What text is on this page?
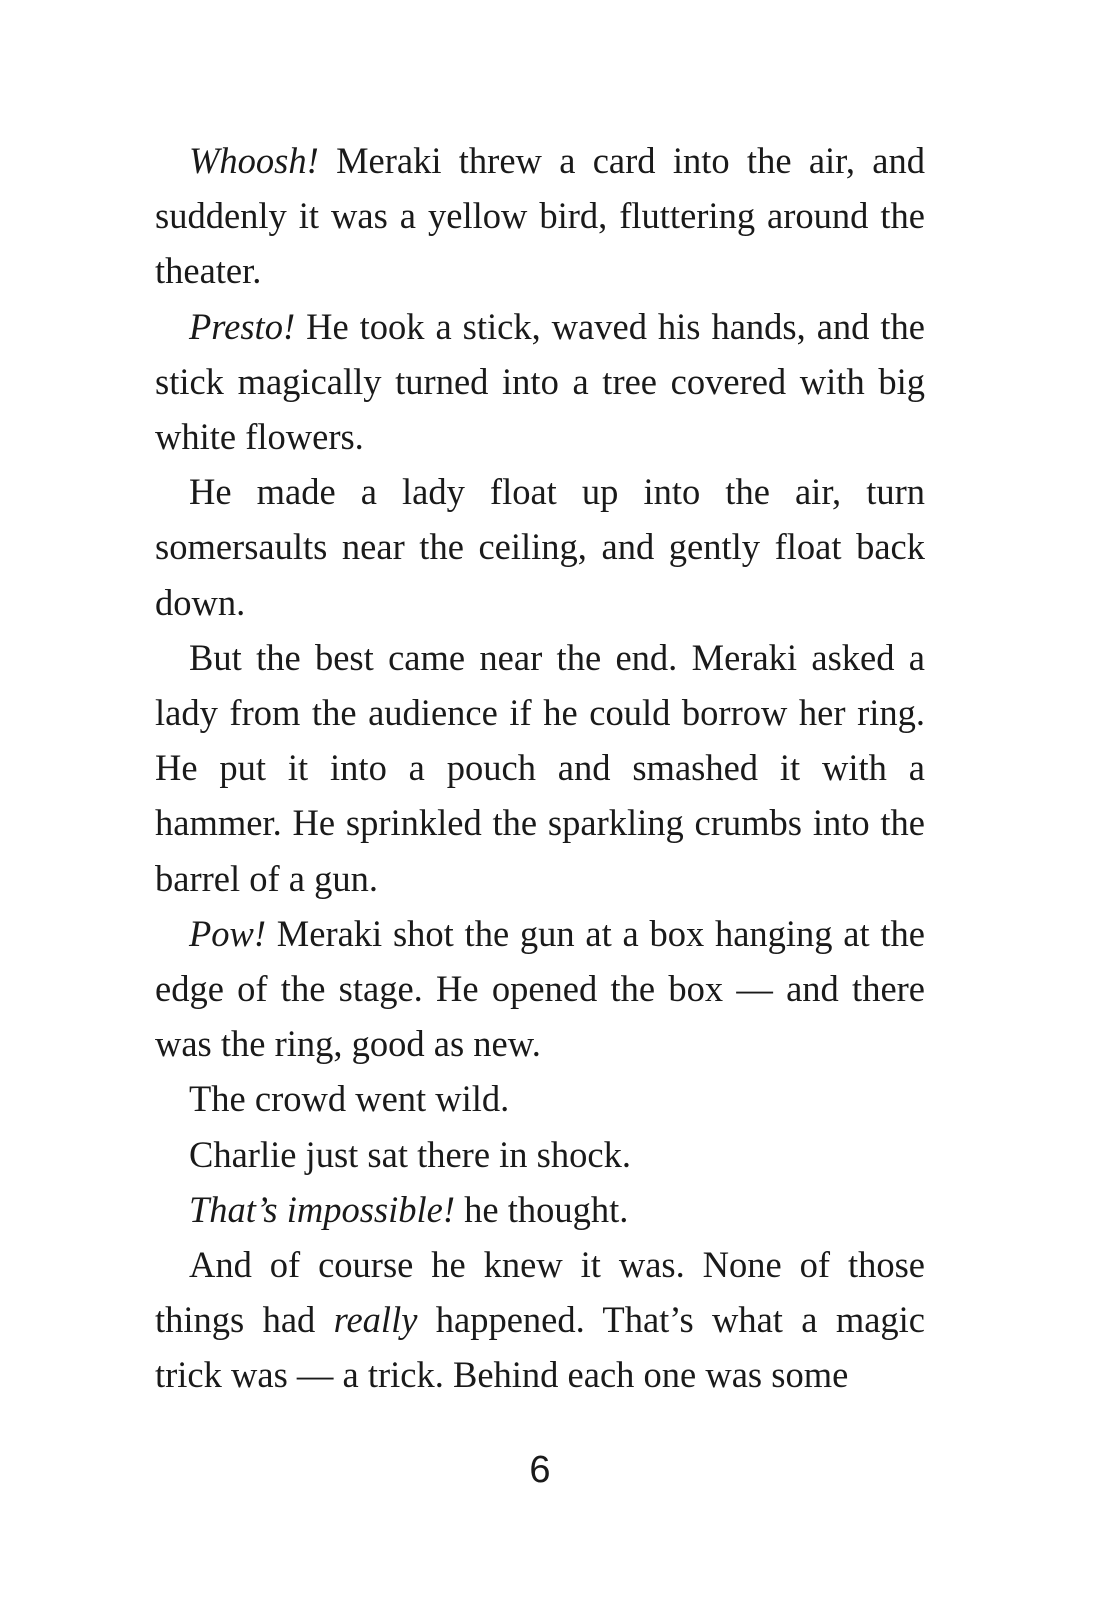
Whoosh! Meraki threw a card into the air, and suddenly it was a yellow bird, fluttering around the theater.

Presto! He took a stick, waved his hands, and the stick magically turned into a tree covered with big white flowers.

He made a lady float up into the air, turn somersaults near the ceiling, and gently float back down.

But the best came near the end. Meraki asked a lady from the audience if he could borrow her ring. He put it into a pouch and smashed it with a hammer. He sprinkled the sparkling crumbs into the barrel of a gun.

Pow! Meraki shot the gun at a box hanging at the edge of the stage. He opened the box — and there was the ring, good as new.

The crowd went wild.

Charlie just sat there in shock.

That’s impossible! he thought.

And of course he knew it was. None of those things had really happened. That’s what a magic trick was — a trick. Behind each one was some

6
